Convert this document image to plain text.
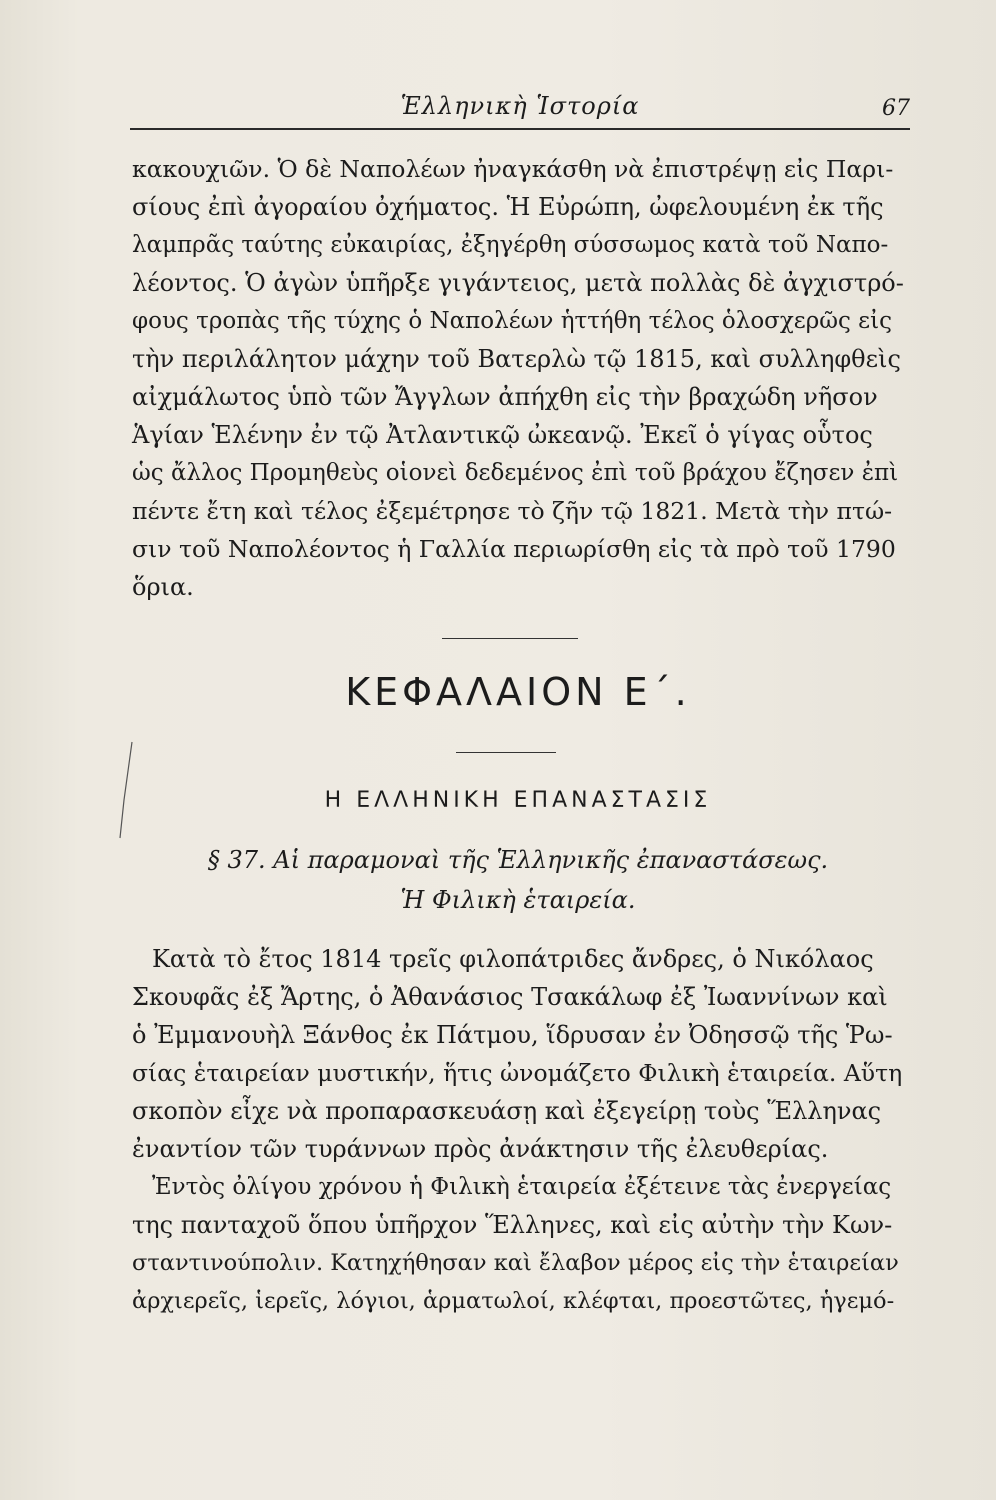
Ἑλληνικὴ Ἱστορία	67
κακουχιῶν. Ὁ δὲ Ναπολέων ἠναγκάσθη νὰ ἐπιστρέψῃ εἰς Παρι-
σίους ἐπὶ ἀγοραίου ὀχήματος. Ἡ Εὐρώπη, ὠφελουμένη ἐκ τῆς
λαμπρᾶς ταύτης εὐκαιρίας, ἐξηγέρθη σύσσωμος κατὰ τοῦ Ναπο-
λέοντος. Ὁ ἀγὼν ὑπῆρξε γιγάντειος, μετὰ πολλὰς δὲ ἀγχιστρό-
φους τροπὰς τῆς τύχης ὁ Ναπολέων ἡττήθη τέλος ὁλοσχερῶς εἰς
τὴν περιλάλητον μάχην τοῦ Βατερλὼ τῷ 1815, καὶ συλληφθεὶς
αἰχμάλωτος ὑπὸ τῶν Ἄγγλων ἀπήχθη εἰς τὴν βραχώδη νῆσον
Ἁγίαν Ἑλένην ἐν τῷ Ἀτλαντικῷ ὠκεανῷ. Ἐκεῖ ὁ γίγας οὗτος
ὡς ἄλλος Προμηθεὺς οἱονεὶ δεδεμένος ἐπὶ τοῦ βράχου ἔζησεν ἐπὶ
πέντε ἔτη καὶ τέλος ἐξεμέτρησε τὸ ζῆν τῷ 1821. Μετὰ τὴν πτώ-
σιν τοῦ Ναπολέοντος ἡ Γαλλία περιωρίσθη εἰς τὰ πρὸ τοῦ 1790
ὅρια.
ΚΕΦΑΛΑΙΟΝ Ε΄.
Η ΕΛΛΗΝΙΚΗ ΕΠΑΝΑΣΤΑΣΙΣ
§ 37. Αἱ παραμοναὶ τῆς Ἑλληνικῆς ἐπαναστάσεως.
Ἡ Φιλικὴ ἑταιρεία.
Κατὰ τὸ ἔτος 1814 τρεῖς φιλοπάτριδες ἄνδρες, ὁ Νικόλαος
Σκουφᾶς ἐξ Ἄρτης, ὁ Ἀθανάσιος Τσακάλωφ ἐξ Ἰωαννίνων καὶ
ὁ Ἐμμανουὴλ Ξάνθος ἐκ Πάτμου, ἵδρυσαν ἐν Ὀδησσῷ τῆς Ῥω-
σίας ἑταιρείαν μυστικήν, ἥτις ὠνομάζετο Φιλικὴ ἑταιρεία. Αὕτη
σκοπὸν εἶχε νὰ προπαρασκευάσῃ καὶ ἐξεγείρῃ τοὺς Ἕλληνας
ἐναντίον τῶν τυράννων πρὸς ἀνάκτησιν τῆς ἐλευθερίας.
Ἐντὸς ὀλίγου χρόνου ἡ Φιλικὴ ἑταιρεία ἐξέτεινε τὰς ἐνεργείας
της πανταχοῦ ὅπου ὑπῆρχον Ἕλληνες, καὶ εἰς αὐτὴν τὴν Κων-
σταντινούπολιν. Κατηχήθησαν καὶ ἔλαβον μέρος εἰς τὴν ἑταιρείαν
ἀρχιερεῖς, ἱερεῖς, λόγιοι, ἁρματωλοί, κλέφται, προεστῶτες, ἡγεμό-
